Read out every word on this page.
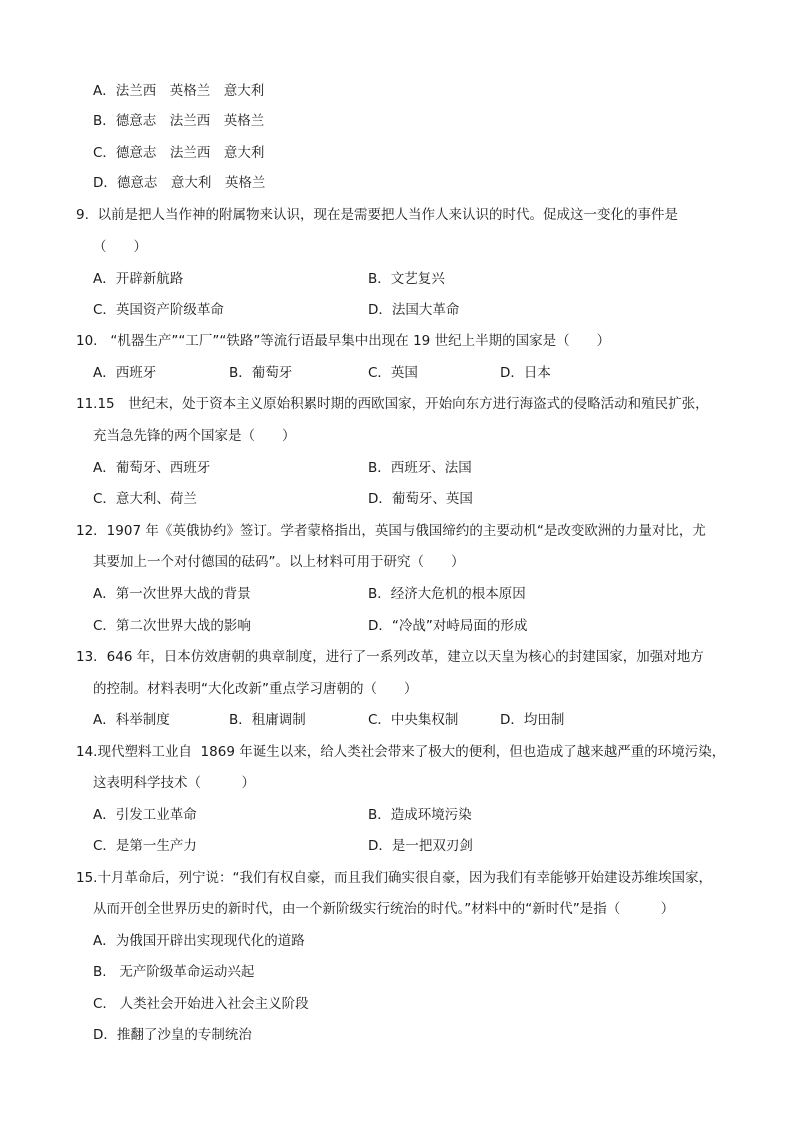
A．法兰西　英格兰　意大利
B．德意志　法兰西　英格兰
C．德意志　法兰西　意大利
D．德意志　意大利　英格兰
9.  以前是把人当作神的附属物来认识，现在是需要把人当作人来认识的时代。促成这一变化的事件是
（　　）
A．开辟新航路	B．文艺复兴
C．英国资产阶级革命	D．法国大革命
10.   “机器生产”“工厂”“铁路”等流行语最早集中出现在 19 世纪上半期的国家是（　　）
A．西班牙	B．葡萄牙	C．英国	D．日本
11.15　世纪末，处于资本主义原始积累时期的西欧国家，开始向东方进行海盗式的侵略活动和殖民扩张，
充当急先锋的两个国家是（　　）
A．葡萄牙、西班牙	B．西班牙、法国
C．意大利、荷兰	D．葡萄牙、英国
12．1907 年《英俄协约》签订。学者蒙格指出，英国与俄国缔约的主要动机“是改变欧洲的力量对比，尤
其要加上一个对付德国的砝码”。以上材料可用于研究（　　）
A．第一次世界大战的背景	B．经济大危机的根本原因
C．第二次世界大战的影响	D．“冷战”对峙局面的形成
13．646 年，日本仿效唐朝的典章制度，进行了一系列改革，建立以天皇为核心的封建国家，加强对地方
的控制。材料表明“大化改新”重点学习唐朝的（　　）
A．科举制度	B．租庸调制	C．中央集权制	D．均田制
14.现代塑料工业自  1869 年诞生以来，给人类社会带来了极大的便利，但也造成了越来越严重的环境污染，
这表明科学技术（　　　）
A．引发工业革命	B．造成环境污染
C．是第一生产力	D．是一把双刃剑
15.十月革命后，列宁说：“我们有权自豪，而且我们确实很自豪，因为我们有幸能够开始建设苏维埃国家，
从而开创全世界历史的新时代，由一个新阶级实行统治的时代。”材料中的“新时代”是指（　　　）
A．为俄国开辟出实现现代化的道路
B.   无产阶级革命运动兴起
C.   人类社会开始进入社会主义阶段
D．推翻了沙皇的专制统治
